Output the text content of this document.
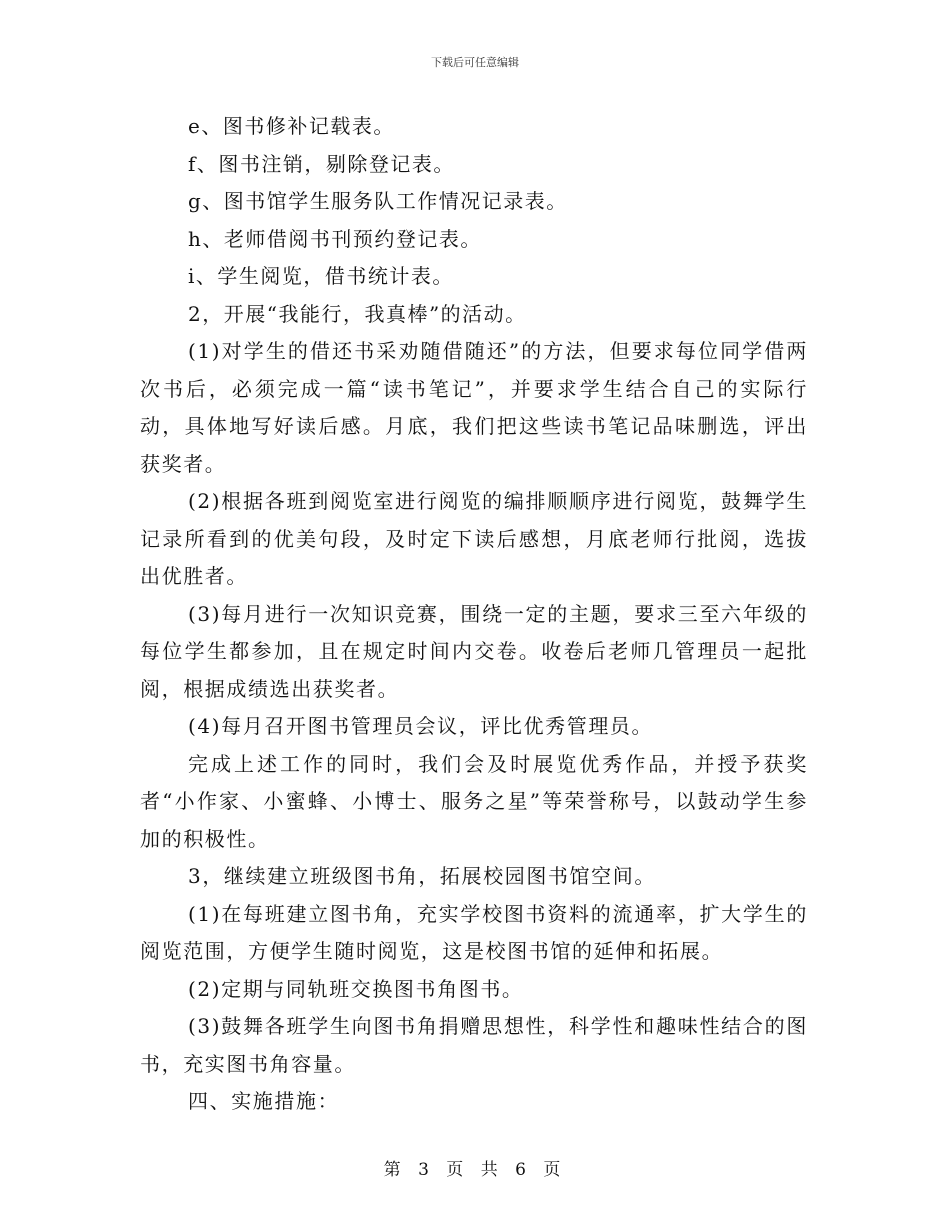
下载后可任意编辑
e、图书修补记载表。
f、图书注销，剔除登记表。
g、图书馆学生服务队工作情况记录表。
h、老师借阅书刊预约登记表。
i、学生阅览，借书统计表。
2，开展“我能行，我真棒”的活动。
(1)对学生的借还书采劝随借随还”的方法，但要求每位同学借两次书后，必须完成一篇“读书笔记”，并要求学生结合自己的实际行动，具体地写好读后感。月底，我们把这些读书笔记品味删选，评出获奖者。
(2)根据各班到阅览室进行阅览的编排顺顺序进行阅览，鼓舞学生记录所看到的优美句段，及时定下读后感想，月底老师行批阅，选拔出优胜者。
(3)每月进行一次知识竞赛，围绕一定的主题，要求三至六年级的每位学生都参加，且在规定时间内交卷。收卷后老师几管理员一起批阅，根据成绩选出获奖者。
(4)每月召开图书管理员会议，评比优秀管理员。
完成上述工作的同时，我们会及时展览优秀作品，并授予获奖者“小作家、小蜜蜂、小博士、服务之星”等荣誉称号，以鼓动学生参加的积极性。
3，继续建立班级图书角，拓展校园图书馆空间。
(1)在每班建立图书角，充实学校图书资料的流通率，扩大学生的阅览范围，方便学生随时阅览，这是校图书馆的延伸和拓展。
(2)定期与同轨班交换图书角图书。
(3)鼓舞各班学生向图书角捐赠思想性，科学性和趣味性结合的图书，充实图书角容量。
四、实施措施：
第 3 页 共 6 页
